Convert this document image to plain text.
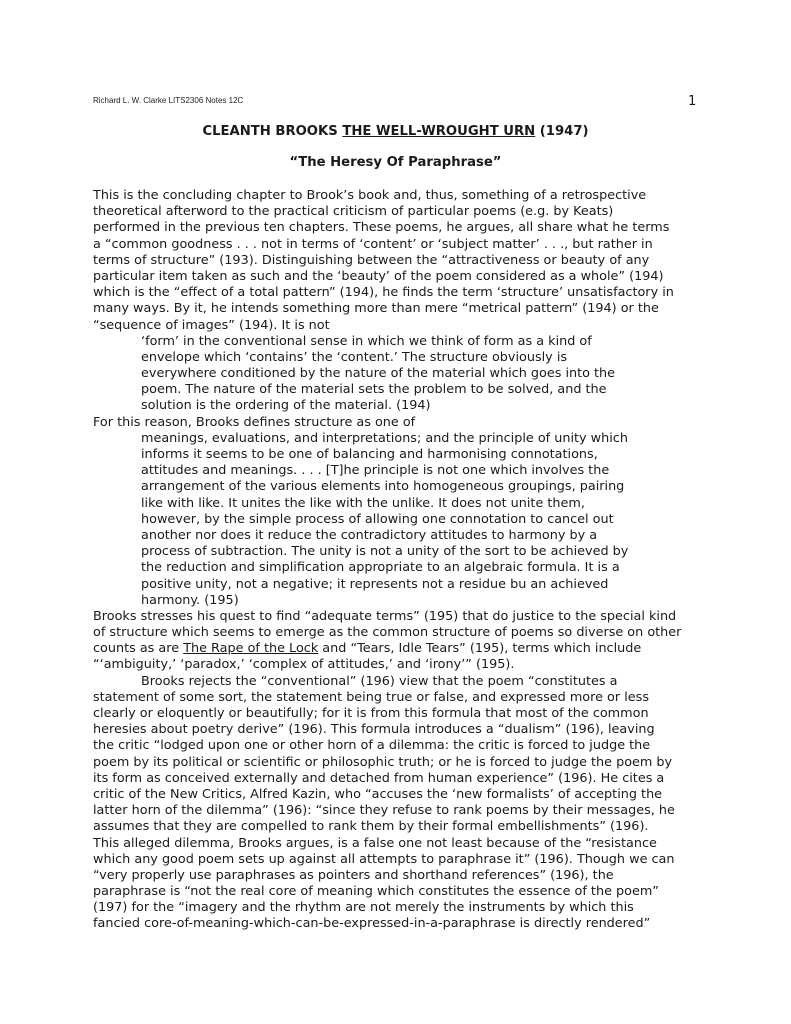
Richard L. W. Clarke LITS2306 Notes 12C	1
CLEANTH BROOKS THE WELL-WROUGHT URN (1947)
“The Heresy Of Paraphrase”
This is the concluding chapter to Brook’s book and, thus, something of a retrospective
theoretical afterword to the practical criticism of particular poems (e.g. by Keats)
performed in the previous ten chapters. These poems, he argues, all share what he terms
a “common goodness . . . not in terms of ‘content’ or ‘subject matter’ . . ., but rather in
terms of structure” (193). Distinguishing between the “attractiveness or beauty of any
particular item taken as such and the ‘beauty’ of the poem considered as a whole” (194)
which is the “effect of a total pattern” (194), he finds the term ‘structure’ unsatisfactory in
many ways. By it, he intends something more than mere “metrical pattern” (194) or the
“sequence of images” (194). It is not
‘form’ in the conventional sense in which we think of form as a kind of
envelope which ‘contains’ the ‘content.’ The structure obviously is
everywhere conditioned by the nature of the material which goes into the
poem. The nature of the material sets the problem to be solved, and the
solution is the ordering of the material. (194)
For this reason, Brooks defines structure as one of
meanings, evaluations, and interpretations; and the principle of unity which
informs it seems to be one of balancing and harmonising connotations,
attitudes and meanings. . . . [T]he principle is not one which involves the
arrangement of the various elements into homogeneous groupings, pairing
like with like. It unites the like with the unlike. It does not unite them,
however, by the simple process of allowing one connotation to cancel out
another nor does it reduce the contradictory attitudes to harmony by a
process of subtraction. The unity is not a unity of the sort to be achieved by
the reduction and simplification appropriate to an algebraic formula. It is a
positive unity, not a negative; it represents not a residue bu an achieved
harmony. (195)
Brooks stresses his quest to find “adequate terms” (195) that do justice to the special kind
of structure which seems to emerge as the common structure of poems so diverse on other
counts as are The Rape of the Lock and “Tears, Idle Tears” (195), terms which include
“‘ambiguity,’ ‘paradox,’ ‘complex of attitudes,’ and ‘irony’” (195).
Brooks rejects the “conventional” (196) view that the poem “constitutes a
statement of some sort, the statement being true or false, and expressed more or less
clearly or eloquently or beautifully; for it is from this formula that most of the common
heresies about poetry derive” (196). This formula introduces a “dualism” (196), leaving
the critic “lodged upon one or other horn of a dilemma: the critic is forced to judge the
poem by its political or scientific or philosophic truth; or he is forced to judge the poem by
its form as conceived externally and detached from human experience” (196). He cites a
critic of the New Critics, Alfred Kazin, who “accuses the ‘new formalists’ of accepting the
latter horn of the dilemma” (196): “since they refuse to rank poems by their messages, he
assumes that they are compelled to rank them by their formal embellishments” (196).
This alleged dilemma, Brooks argues, is a false one not least because of the “resistance
which any good poem sets up against all attempts to paraphrase it” (196). Though we can
“very properly use paraphrases as pointers and shorthand references” (196), the
paraphrase is “not the real core of meaning which constitutes the essence of the poem”
(197) for the “imagery and the rhythm are not merely the instruments by which this
fancied core-of-meaning-which-can-be-expressed-in-a-paraphrase is directly rendered”
